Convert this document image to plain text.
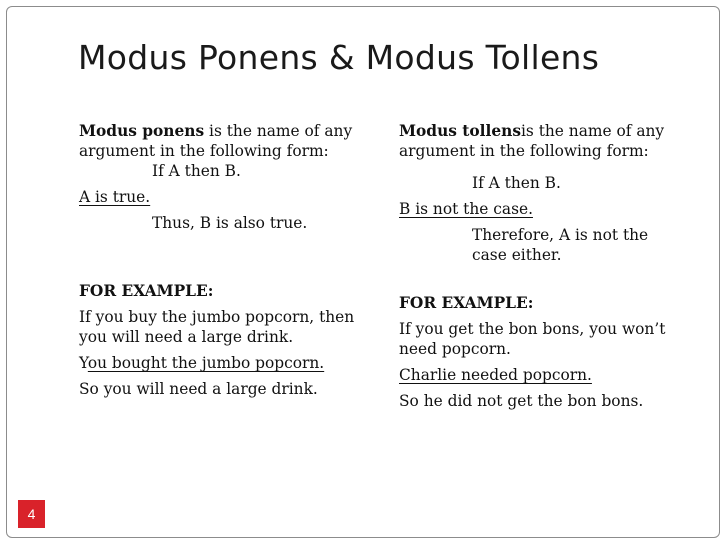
Modus Ponens & Modus Tollens

Modus ponens is the name of any argument in the following form:

If A then B.

A is true.

Thus, B is also true.

FOR EXAMPLE:

If you buy the jumbo popcorn, then you will need a large drink.

You bought the jumbo popcorn.

So you will need a large drink.

Modus tollensis the name of any argument in the following form:

If A then B.

B is not the case.

Therefore, A is not the case either.

FOR EXAMPLE:

If you get the bon bons, you won’t need popcorn.

Charlie needed popcorn.

So he did not get the bon bons.

4
